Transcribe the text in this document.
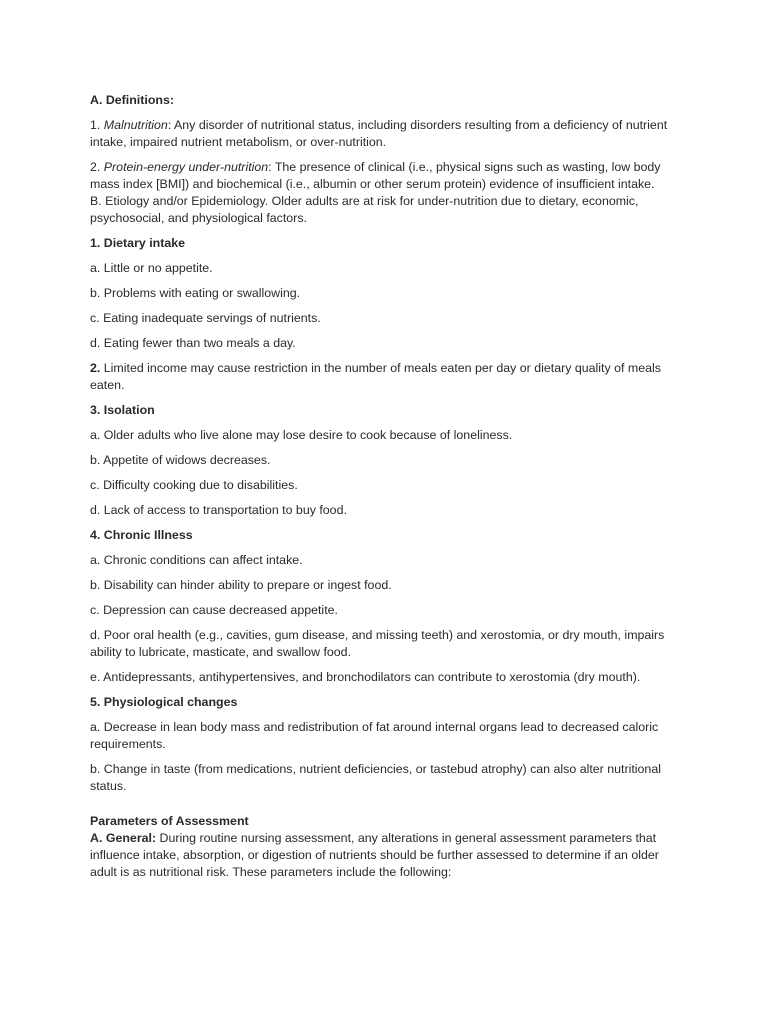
A. Definitions:

1. Malnutrition: Any disorder of nutritional status, including disorders resulting from a deficiency of nutrient intake, impaired nutrient metabolism, or over-nutrition.

2. Protein-energy under-nutrition: The presence of clinical (i.e., physical signs such as wasting, low body mass index [BMI]) and biochemical (i.e., albumin or other serum protein) evidence of insufficient intake. B. Etiology and/or Epidemiology. Older adults are at risk for under-nutrition due to dietary, economic, psychosocial, and physiological factors.

1. Dietary intake

a. Little or no appetite.

b. Problems with eating or swallowing.

c. Eating inadequate servings of nutrients.

d. Eating fewer than two meals a day.

2. Limited income may cause restriction in the number of meals eaten per day or dietary quality of meals eaten.

3. Isolation

a. Older adults who live alone may lose desire to cook because of loneliness.

b. Appetite of widows decreases.

c. Difficulty cooking due to disabilities.

d. Lack of access to transportation to buy food.

4. Chronic Illness

a. Chronic conditions can affect intake.

b. Disability can hinder ability to prepare or ingest food.

c. Depression can cause decreased appetite.

d. Poor oral health (e.g., cavities, gum disease, and missing teeth) and xerostomia, or dry mouth, impairs ability to lubricate, masticate, and swallow food.

e. Antidepressants, antihypertensives, and bronchodilators can contribute to xerostomia (dry mouth).

5. Physiological changes

a. Decrease in lean body mass and redistribution of fat around internal organs lead to decreased caloric requirements.

b. Change in taste (from medications, nutrient deficiencies, or tastebud atrophy) can also alter nutritional status.

Parameters of Assessment

A. General: During routine nursing assessment, any alterations in general assessment parameters that influence intake, absorption, or digestion of nutrients should be further assessed to determine if an older adult is as nutritional risk. These parameters include the following:
